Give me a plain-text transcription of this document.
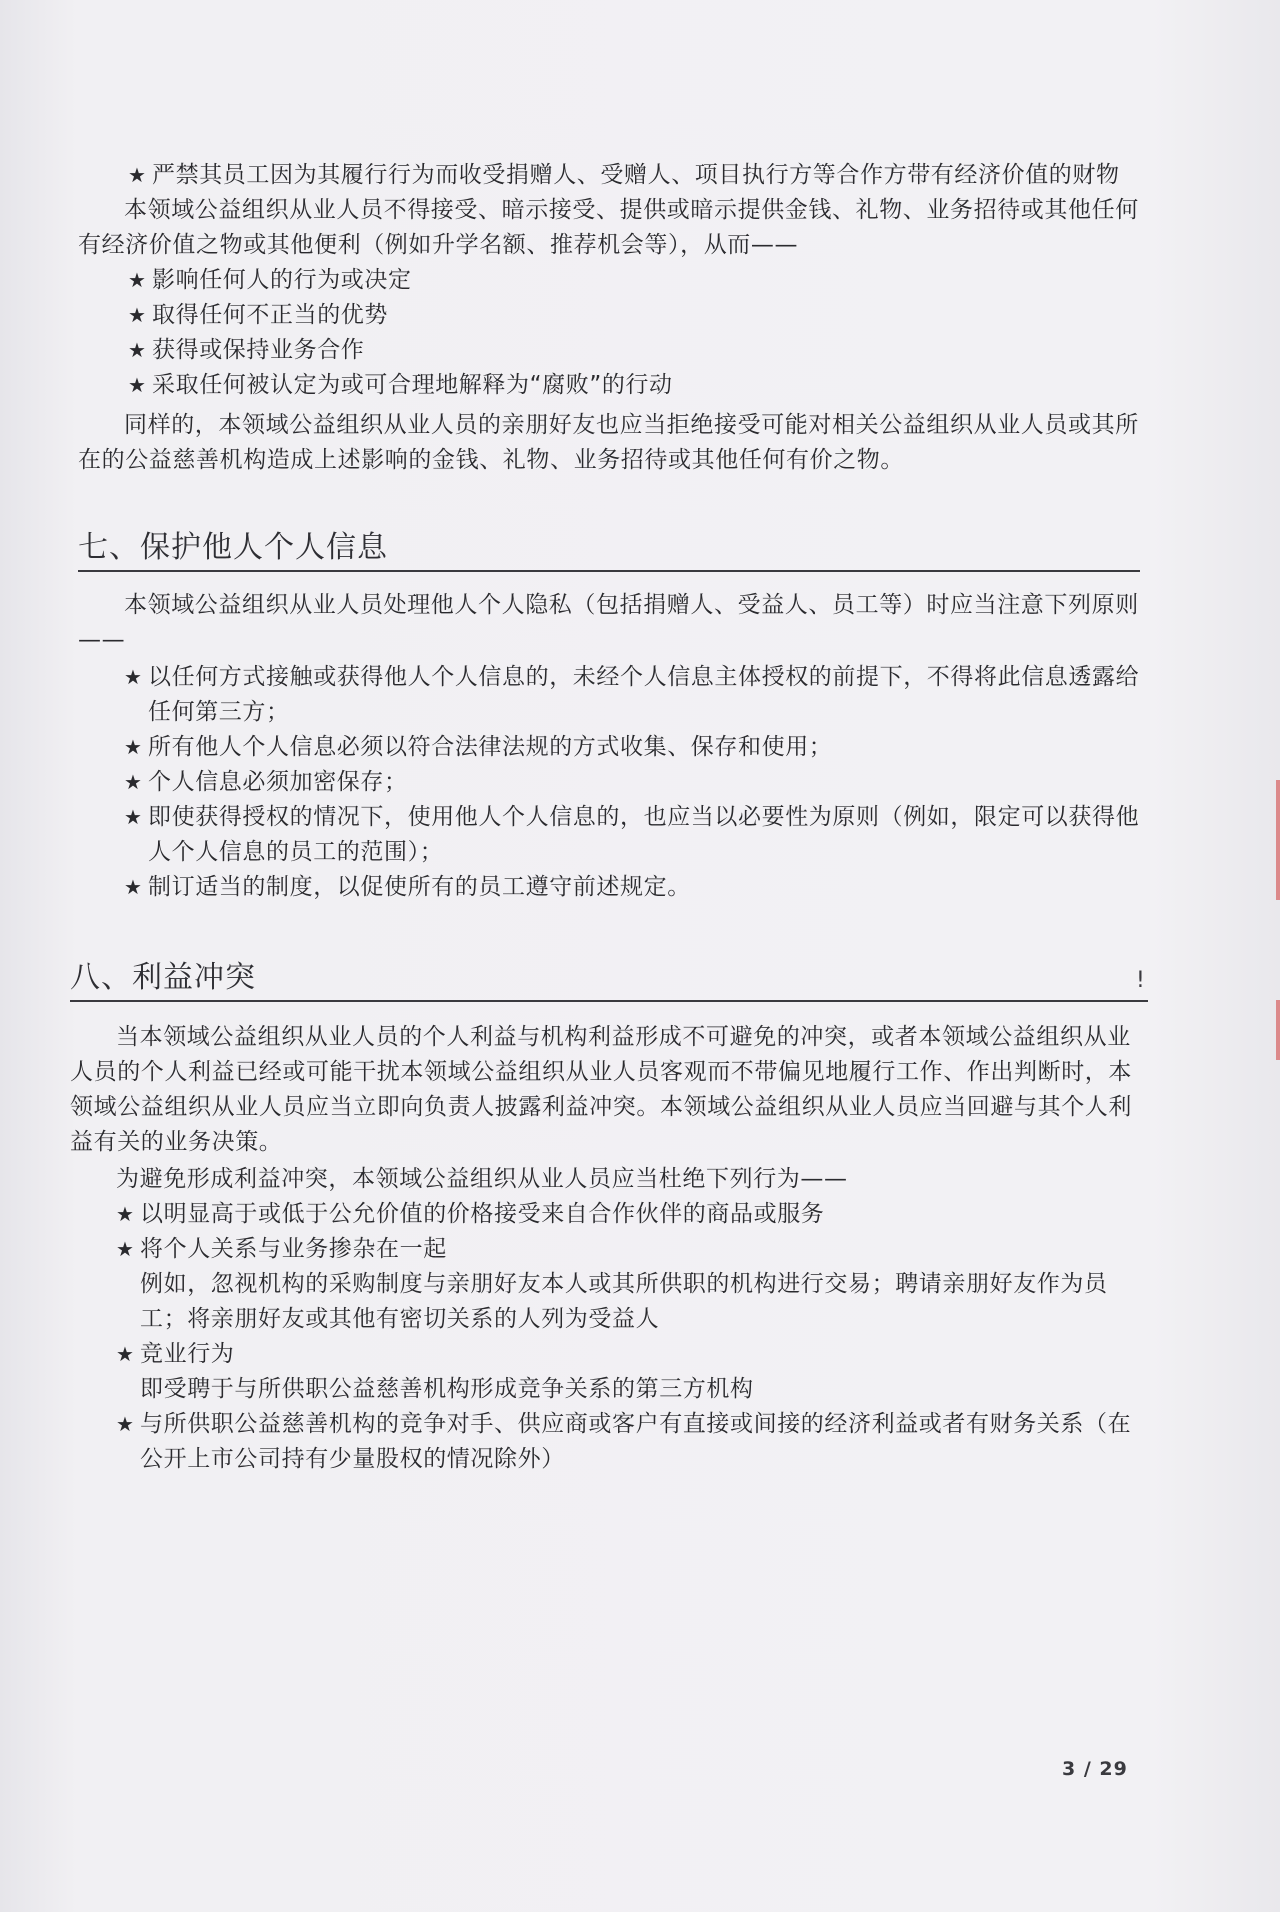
★ 严禁其员工因为其履行行为而收受捐赠人、受赠人、项目执行方等合作方带有经济价值的财物

本领域公益组织从业人员不得接受、暗示接受、提供或暗示提供金钱、礼物、业务招待或其他任何有经济价值之物或其他便利（例如升学名额、推荐机会等），从而——

★ 影响任何人的行为或决定
★ 取得任何不正当的优势
★ 获得或保持业务合作
★ 采取任何被认定为或可合理地解释为“腐败”的行动

同样的，本领域公益组织从业人员的亲朋好友也应当拒绝接受可能对相关公益组织从业人员或其所在的公益慈善机构造成上述影响的金钱、礼物、业务招待或其他任何有价之物。

七、保护他人个人信息

本领域公益组织从业人员处理他人个人隐私（包括捐赠人、受益人、员工等）时应当注意下列原则——

★ 以任何方式接触或获得他人个人信息的，未经个人信息主体授权的前提下，不得将此信息透露给任何第三方；
★ 所有他人个人信息必须以符合法律法规的方式收集、保存和使用；
★ 个人信息必须加密保存；
★ 即使获得授权的情况下，使用他人个人信息的，也应当以必要性为原则（例如，限定可以获得他人个人信息的员工的范围）；
★ 制订适当的制度，以促使所有的员工遵守前述规定。
八、利益冲突	!

当本领域公益组织从业人员的个人利益与机构利益形成不可避免的冲突，或者本领域公益组织从业人员的个人利益已经或可能干扰本领域公益组织从业人员客观而不带偏见地履行工作、作出判断时，本领域公益组织从业人员应当立即向负责人披露利益冲突。本领域公益组织从业人员应当回避与其个人利益有关的业务决策。

为避免形成利益冲突，本领域公益组织从业人员应当杜绝下列行为——

★ 以明显高于或低于公允价值的价格接受来自合作伙伴的商品或服务
★ 将个人关系与业务掺杂在一起
例如，忽视机构的采购制度与亲朋好友本人或其所供职的机构进行交易；聘请亲朋好友作为员工；将亲朋好友或其他有密切关系的人列为受益人
★ 竞业行为
即受聘于与所供职公益慈善机构形成竞争关系的第三方机构
★ 与所供职公益慈善机构的竞争对手、供应商或客户有直接或间接的经济利益或者有财务关系（在公开上市公司持有少量股权的情况除外）
3 / 29
